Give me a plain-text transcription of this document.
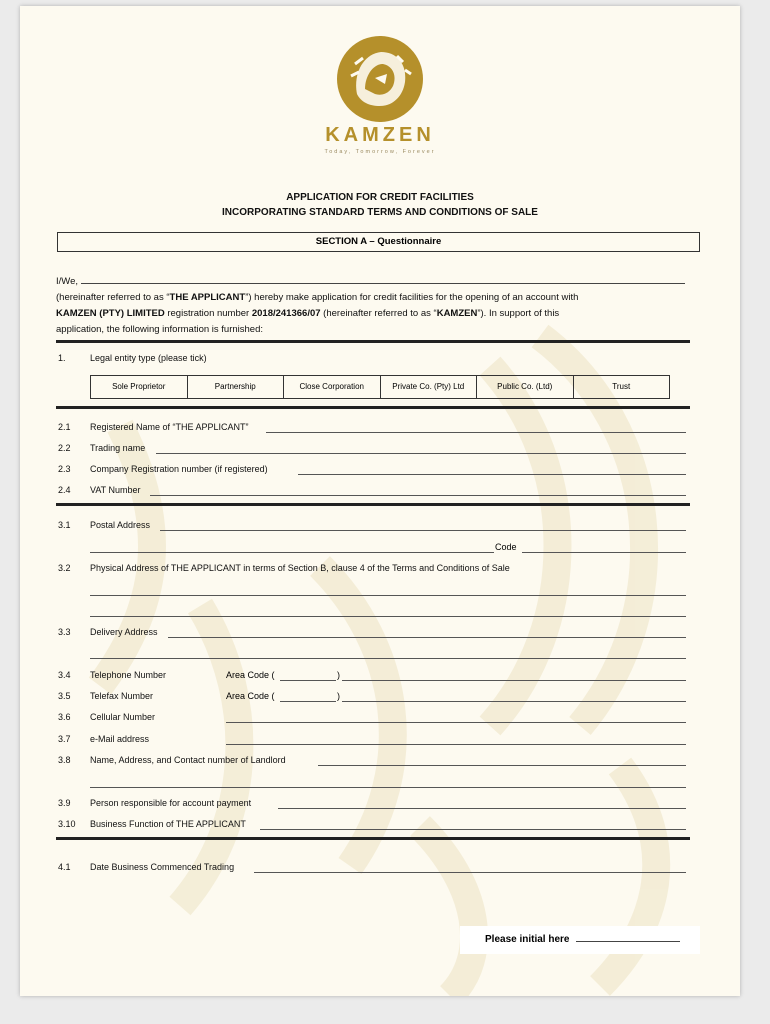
KAMZEN
Today, Tomorrow, Forever
APPLICATION FOR CREDIT FACILITIES
INCORPORATING STANDARD TERMS AND CONDITIONS OF SALE
SECTION A – Questionnaire
I/We,
(hereinafter referred to as “THE APPLICANT”) hereby make application for credit facilities for the opening of an account with
KAMZEN (PTY) LIMITED registration number 2018/241366/07 (hereinafter referred to as “KAMZEN”). In support of this
application, the following information is furnished:
1.	Legal entity type (please tick)
Sole Proprietor	Partnership	Close Corporation	Private Co. (Pty) Ltd	Public Co. (Ltd)	Trust
2.1 Registered Name of “THE APPLICANT”
2.2 Trading name
2.3 Company Registration number (if registered)
2.4 VAT Number
3.1 Postal Address
Code
3.2 Physical Address of THE APPLICANT in terms of Section B, clause 4 of the Terms and Conditions of Sale
3.3 Delivery Address
3.4 Telephone Number	Area Code (	)
3.5 Telefax Number	Area Code (	)
3.6 Cellular Number
3.7 e-Mail address
3.8 Name, Address, and Contact number of Landlord
3.9 Person responsible for account payment
3.10 Business Function of THE APPLICANT
4.1 Date Business Commenced Trading
Please initial here
